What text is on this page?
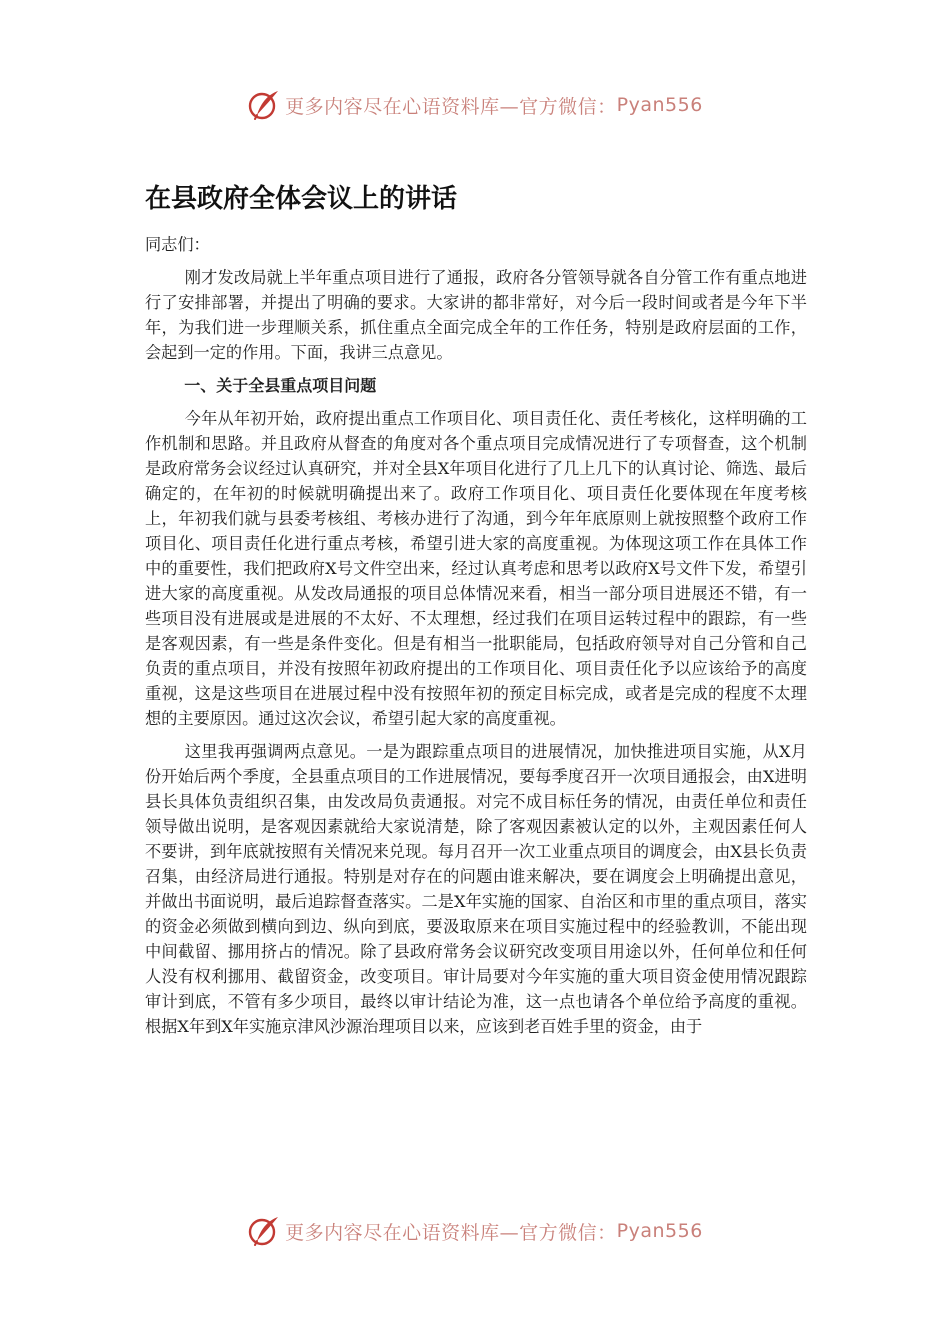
更多内容尽在心语资料库—官方微信： Pyan556
在县政府全体会议上的讲话

同志们：

刚才发改局就上半年重点项目进行了通报，政府各分管领导就各自分管工作有重点地进行了安排部署，并提出了明确的要求。大家讲的都非常好，对今后一段时间或者是今年下半年，为我们进一步理顺关系，抓住重点全面完成全年的工作任务，特别是政府层面的工作，会起到一定的作用。下面，我讲三点意见。

一、关于全县重点项目问题

今年从年初开始，政府提出重点工作项目化、项目责任化、责任考核化，这样明确的工作机制和思路。并且政府从督查的角度对各个重点项目完成情况进行了专项督查，这个机制是政府常务会议经过认真研究，并对全县X年项目化进行了几上几下的认真讨论、筛选、最后确定的，在年初的时候就明确提出来了。政府工作项目化、项目责任化要体现在年度考核上，年初我们就与县委考核组、考核办进行了沟通，到今年年底原则上就按照整个政府工作项目化、项目责任化进行重点考核，希望引进大家的高度重视。为体现这项工作在具体工作中的重要性，我们把政府X号文件空出来，经过认真考虑和思考以政府X号文件下发，希望引进大家的高度重视。从发改局通报的项目总体情况来看，相当一部分项目进展还不错，有一些项目没有进展或是进展的不太好、不太理想，经过我们在项目运转过程中的跟踪，有一些是客观因素，有一些是条件变化。但是有相当一批职能局，包括政府领导对自己分管和自己负责的重点项目，并没有按照年初政府提出的工作项目化、项目责任化予以应该给予的高度重视，这是这些项目在进展过程中没有按照年初的预定目标完成，或者是完成的程度不太理想的主要原因。通过这次会议，希望引起大家的高度重视。

这里我再强调两点意见。一是为跟踪重点项目的进展情况，加快推进项目实施，从X月份开始后两个季度，全县重点项目的工作进展情况，要每季度召开一次项目通报会，由X进明县长具体负责组织召集，由发改局负责通报。对完不成目标任务的情况，由责任单位和责任领导做出说明，是客观因素就给大家说清楚，除了客观因素被认定的以外，主观因素任何人不要讲，到年底就按照有关情况来兑现。每月召开一次工业重点项目的调度会，由X县长负责召集，由经济局进行通报。特别是对存在的问题由谁来解决，要在调度会上明确提出意见，并做出书面说明，最后追踪督查落实。二是X年实施的国家、自治区和市里的重点项目，落实的资金必须做到横向到边、纵向到底，要汲取原来在项目实施过程中的经验教训，不能出现中间截留、挪用挤占的情况。除了县政府常务会议研究改变项目用途以外，任何单位和任何人没有权利挪用、截留资金，改变项目。审计局要对今年实施的重大项目资金使用情况跟踪审计到底，不管有多少项目，最终以审计结论为准，这一点也请各个单位给予高度的重视。根据X年到X年实施京津风沙源治理项目以来，应该到老百姓手里的资金，由于

更多内容尽在心语资料库—官方微信： Pyan556
